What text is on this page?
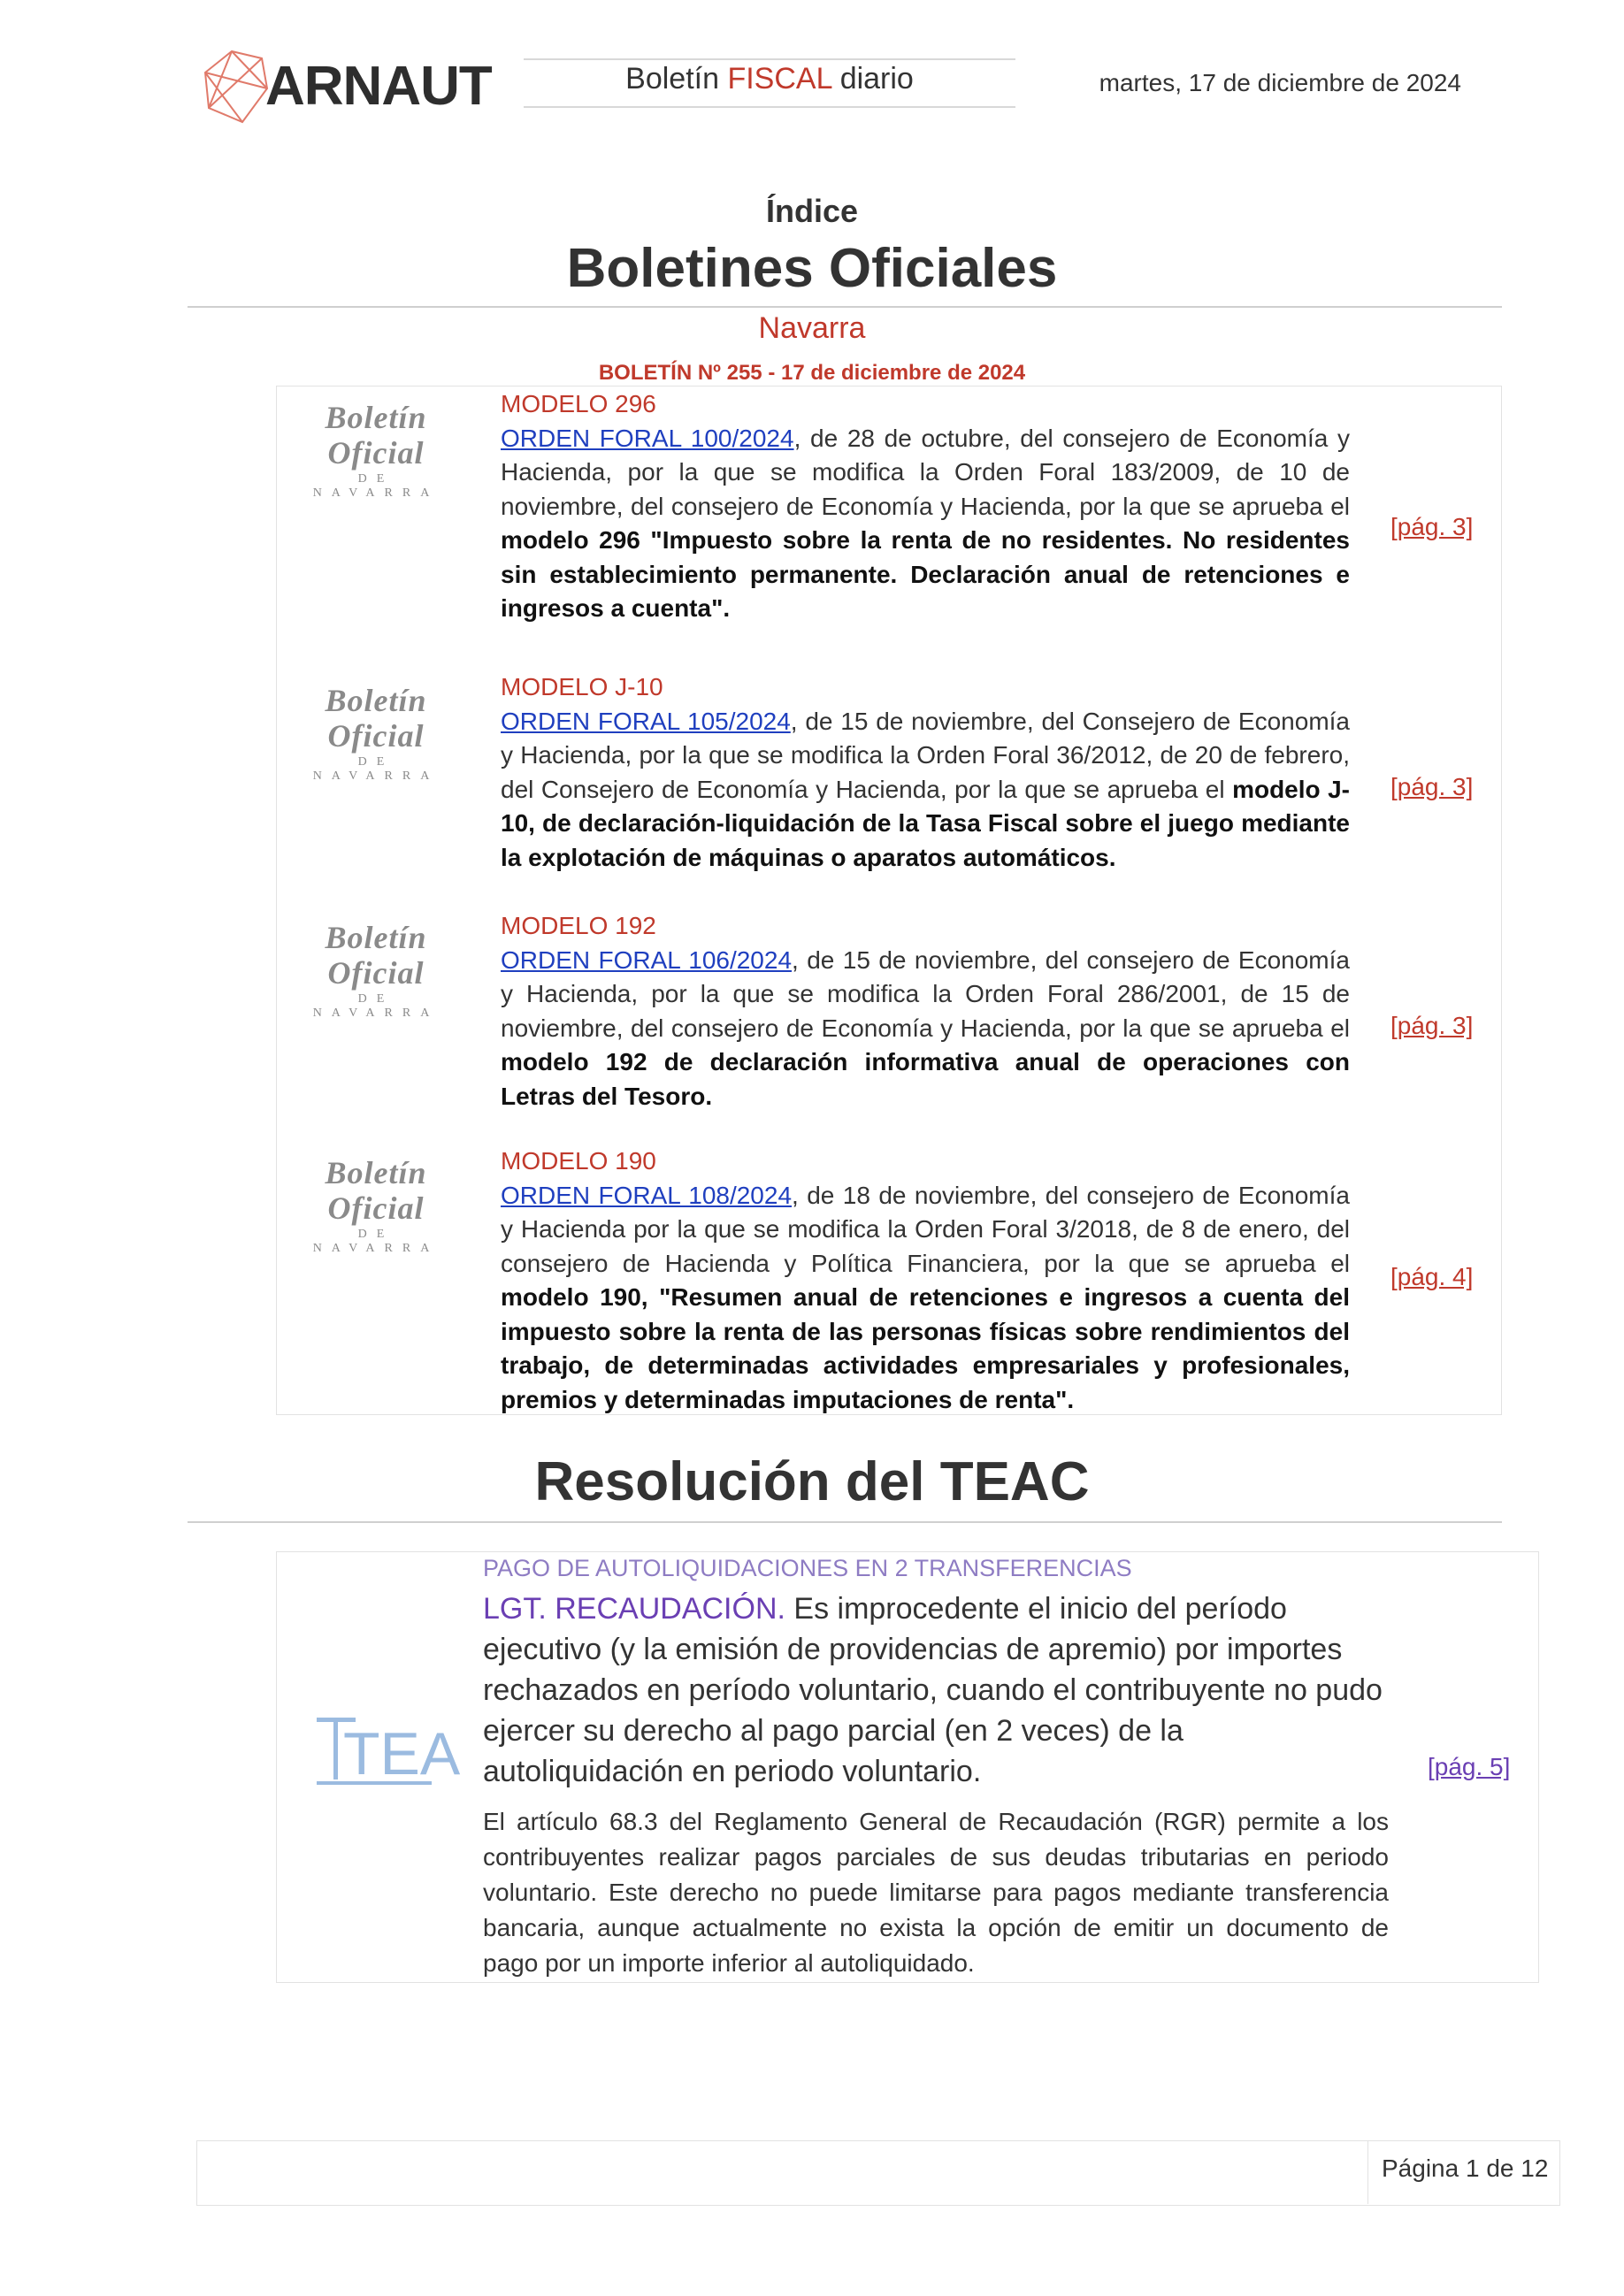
ARNAUT	Boletín FISCAL diario	martes, 17 de diciembre de 2024
Índice
Boletines Oficiales
Navarra
BOLETÍN Nº 255 - 17 de diciembre de 2024
Boletín Oficial
DE NAVARRA
MODELO 296
ORDEN FORAL 100/2024, de 28 de octubre, del consejero de Economía y Hacienda, por la que se modifica la Orden Foral 183/2009, de 10 de noviembre, del consejero de Economía y Hacienda, por la que se aprueba el modelo 296 "Impuesto sobre la renta de no residentes. No residentes sin establecimiento permanente. Declaración anual de retenciones e ingresos a cuenta".
[pág. 3]
Boletín Oficial
DE NAVARRA
MODELO J-10
ORDEN FORAL 105/2024, de 15 de noviembre, del Consejero de Economía y Hacienda, por la que se modifica la Orden Foral 36/2012, de 20 de febrero, del Consejero de Economía y Hacienda, por la que se aprueba el modelo J-10, de declaración-liquidación de la Tasa Fiscal sobre el juego mediante la explotación de máquinas o aparatos automáticos.
[pág. 3]
Boletín Oficial
DE NAVARRA
MODELO 192
ORDEN FORAL 106/2024, de 15 de noviembre, del consejero de Economía y Hacienda, por la que se modifica la Orden Foral 286/2001, de 15 de noviembre, del consejero de Economía y Hacienda, por la que se aprueba el modelo 192 de declaración informativa anual de operaciones con Letras del Tesoro.
[pág. 3]
Boletín Oficial
DE NAVARRA
MODELO 190
ORDEN FORAL 108/2024, de 18 de noviembre, del consejero de Economía y Hacienda por la que se modifica la Orden Foral 3/2018, de 8 de enero, del consejero de Hacienda y Política Financiera, por la que se aprueba el modelo 190, "Resumen anual de retenciones e ingresos a cuenta del impuesto sobre la renta de las personas físicas sobre rendimientos del trabajo, de determinadas actividades empresariales y profesionales, premios y determinadas imputaciones de renta".
[pág. 4]
Resolución del TEAC
TEA
PAGO DE AUTOLIQUIDACIONES EN 2 TRANSFERENCIAS
LGT. RECAUDACIÓN. Es improcedente el inicio del período ejecutivo (y la emisión de providencias de apremio) por importes rechazados en período voluntario, cuando el contribuyente no pudo ejercer su derecho al pago parcial (en 2 veces) de la autoliquidación en periodo voluntario.
El artículo 68.3 del Reglamento General de Recaudación (RGR) permite a los contribuyentes realizar pagos parciales de sus deudas tributarias en periodo voluntario. Este derecho no puede limitarse para pagos mediante transferencia bancaria, aunque actualmente no exista la opción de emitir un documento de pago por un importe inferior al autoliquidado.
[pág. 5]
Página 1 de 12
